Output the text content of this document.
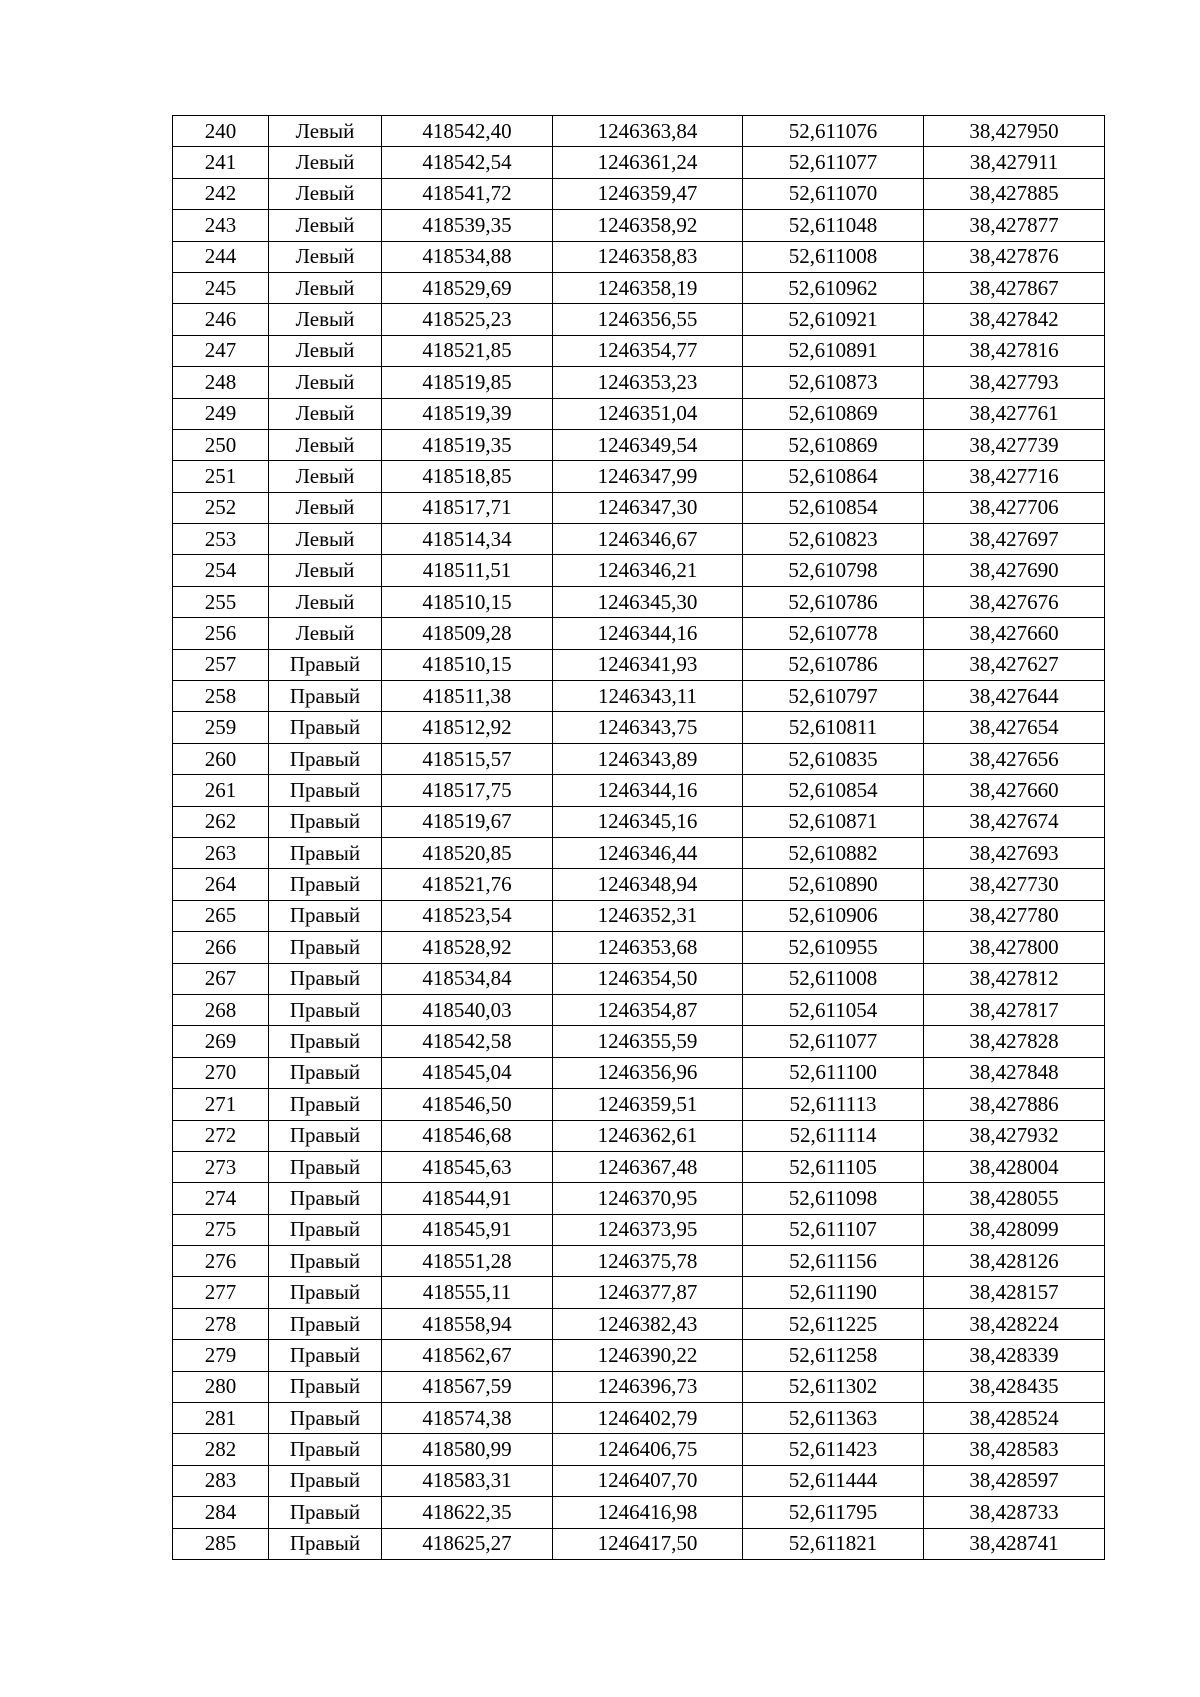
240	Левый	418542,40	1246363,84	52,611076	38,427950
241	Левый	418542,54	1246361,24	52,611077	38,427911
242	Левый	418541,72	1246359,47	52,611070	38,427885
243	Левый	418539,35	1246358,92	52,611048	38,427877
244	Левый	418534,88	1246358,83	52,611008	38,427876
245	Левый	418529,69	1246358,19	52,610962	38,427867
246	Левый	418525,23	1246356,55	52,610921	38,427842
247	Левый	418521,85	1246354,77	52,610891	38,427816
248	Левый	418519,85	1246353,23	52,610873	38,427793
249	Левый	418519,39	1246351,04	52,610869	38,427761
250	Левый	418519,35	1246349,54	52,610869	38,427739
251	Левый	418518,85	1246347,99	52,610864	38,427716
252	Левый	418517,71	1246347,30	52,610854	38,427706
253	Левый	418514,34	1246346,67	52,610823	38,427697
254	Левый	418511,51	1246346,21	52,610798	38,427690
255	Левый	418510,15	1246345,30	52,610786	38,427676
256	Левый	418509,28	1246344,16	52,610778	38,427660
257	Правый	418510,15	1246341,93	52,610786	38,427627
258	Правый	418511,38	1246343,11	52,610797	38,427644
259	Правый	418512,92	1246343,75	52,610811	38,427654
260	Правый	418515,57	1246343,89	52,610835	38,427656
261	Правый	418517,75	1246344,16	52,610854	38,427660
262	Правый	418519,67	1246345,16	52,610871	38,427674
263	Правый	418520,85	1246346,44	52,610882	38,427693
264	Правый	418521,76	1246348,94	52,610890	38,427730
265	Правый	418523,54	1246352,31	52,610906	38,427780
266	Правый	418528,92	1246353,68	52,610955	38,427800
267	Правый	418534,84	1246354,50	52,611008	38,427812
268	Правый	418540,03	1246354,87	52,611054	38,427817
269	Правый	418542,58	1246355,59	52,611077	38,427828
270	Правый	418545,04	1246356,96	52,611100	38,427848
271	Правый	418546,50	1246359,51	52,611113	38,427886
272	Правый	418546,68	1246362,61	52,611114	38,427932
273	Правый	418545,63	1246367,48	52,611105	38,428004
274	Правый	418544,91	1246370,95	52,611098	38,428055
275	Правый	418545,91	1246373,95	52,611107	38,428099
276	Правый	418551,28	1246375,78	52,611156	38,428126
277	Правый	418555,11	1246377,87	52,611190	38,428157
278	Правый	418558,94	1246382,43	52,611225	38,428224
279	Правый	418562,67	1246390,22	52,611258	38,428339
280	Правый	418567,59	1246396,73	52,611302	38,428435
281	Правый	418574,38	1246402,79	52,611363	38,428524
282	Правый	418580,99	1246406,75	52,611423	38,428583
283	Правый	418583,31	1246407,70	52,611444	38,428597
284	Правый	418622,35	1246416,98	52,611795	38,428733
285	Правый	418625,27	1246417,50	52,611821	38,428741
